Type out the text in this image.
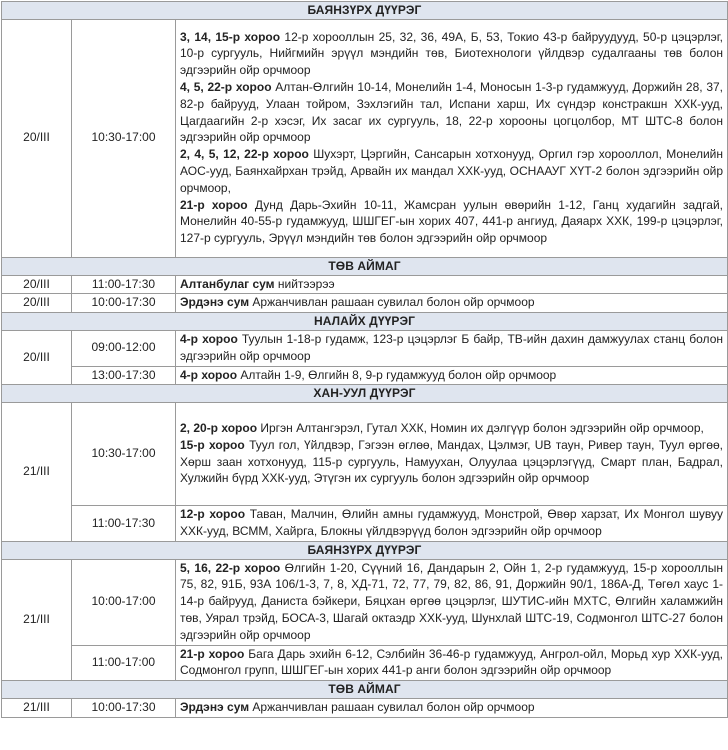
БАЯНЗҮРХ ДҮҮРЭГ		
20/III	10:30-17:00	3, 14, 15-р хороо 12-р хорооллын 25, 32, 36, 49А, Б, 53, Токио 43-р байруудууд, 50-р цэцэрлэг, 10-р сургууль, Нийгмийн эрүүл мэндийн төв, Биотехнологи үйлдвэр судалгааны төв болон эдгээрийн ойр орчмоор
4, 5, 22-р хороо Алтан-Өлгийн 10-14, Монелийн 1-4, Моносын 1-3-р гудамжууд, Доржийн 28, 37, 82-р байрууд, Улаан тойром, Зэхлэгийн тал, Испани харш, Их сүндэр констракшн ХХК-ууд, Цагдаагийн 2-р хэсэг, Их засаг их сургууль, 18, 22-р хорооны цогцолбор, МТ ШТС-8 болон эдгээрийн ойр орчмоор
2, 4, 5, 12, 22-р хороо Шухэрт, Цэргийн, Сансарын хотхонууд, Оргил гэр хорооллол, Монелийн АОС-ууд, Баянхайрхан трэйд, Арвайн их мандал ХХК-ууд, ОСНААУГ ХҮТ-2 болон эдгээрийн ойр орчмоор,
21-р хороо Дунд Дарь-Эхийн 10-11, Жамсран уулын өвөрийн 1-12, Ганц худагийн задгай, Монелийн 40-55-р гудамжууд, ШШГЕГ-ын хорих 407, 441-р ангиуд, Даяарх ХХК, 199-р цэцэрлэг, 127-р сургууль, Эрүүл мэндийн төв болон эдгээрийн ойр орчмоор

ТӨВ АЙМАГ		
20/III	11:00-17:30	Алтанбулаг сум нийтээрээ
20/III	10:00-17:30	Эрдэнэ сум Аржанчивлан рашаан сувилал болон ойр орчмоор
НАЛАЙХ ДҮҮРЭГ		
20/III	09:00-12:00	4-р хороо Туулын 1-18-р гудамж, 123-р цэцэрлэг Б байр, ТВ-ийн дахин дамжуулах станц болон эдгээрийн ойр орчмоор
	13:00-17:30	4-р хороо Алтайн 1-9, Өлгийн 8, 9-р гудамжууд болон ойр орчмоор
ХАН-УУЛ ДҮҮРЭГ		
21/III	10:30-17:00	2, 20-р хороо Иргэн Алтангэрэл, Гутал ХХК, Номин их дэлгүүр болон эдгээрийн ойр орчмоор,
15-р хороо Туул гол, Үйлдвэр, Гэгээн өглөө, Мандах, Цэлмэг, UB таун, Ривер таун, Туул өргөө, Хөрш заан хотхонууд, 115-р сургууль, Намуухан, Олуулаа цэцэрлэгүүд, Смарт план, Бадрал, Хулжийн бүрд ХХК-ууд, Этүгэн их сургууль болон эдгээрийн ойр орчмоор

	11:00-17:30	12-р хороо Таван, Малчин, Өлийн амны гудамжууд, Монстрой, Өвөр харзат, Их Монгол шувуу ХХК-ууд, ВСММ, Хайрга, Блокны үйлдвэрүүд болон эдгээрийн ойр орчмоор
БАЯНЗҮРХ ДҮҮРЭГ		
21/III	10:00-17:00	5, 16, 22-р хороо Өлгийн 1-20, Сүүний 16, Дандарын 2, Ойн 1, 2-р гудамжууд, 15-р хорооллын 75, 82, 91Б, 93А 106/1-3, 7, 8, ХД-71, 72, 77, 79, 82, 86, 91, Доржийн 90/1, 186А-Д, Төгөл хаус 1-14-р байрууд, Даниста бэйкери, Бяцхан өргөө цэцэрлэг, ШУТИС-ийн МХТС, Өлгийн халамжийн төв, Уярал трэйд, БОСА-3, Шагай октаэдр ХХК-ууд, Шунхлай ШТС-19, Содмонгол ШТС-27 болон эдгээрийн ойр орчмоор
	11:00-17:00	21-р хороо Бага Дарь эхийн 6-12, Сэлбийн 36-46-р гудамжууд, Ангрол-ойл, Морьд хур ХХК-ууд, Содмонгол групп, ШШГЕГ-ын хорих 441-р анги болон эдгээрийн ойр орчмоор
ТӨВ АЙМАГ		
21/III	10:00-17:30	Эрдэнэ сум Аржанчивлан рашаан сувилал болон ойр орчмоор
